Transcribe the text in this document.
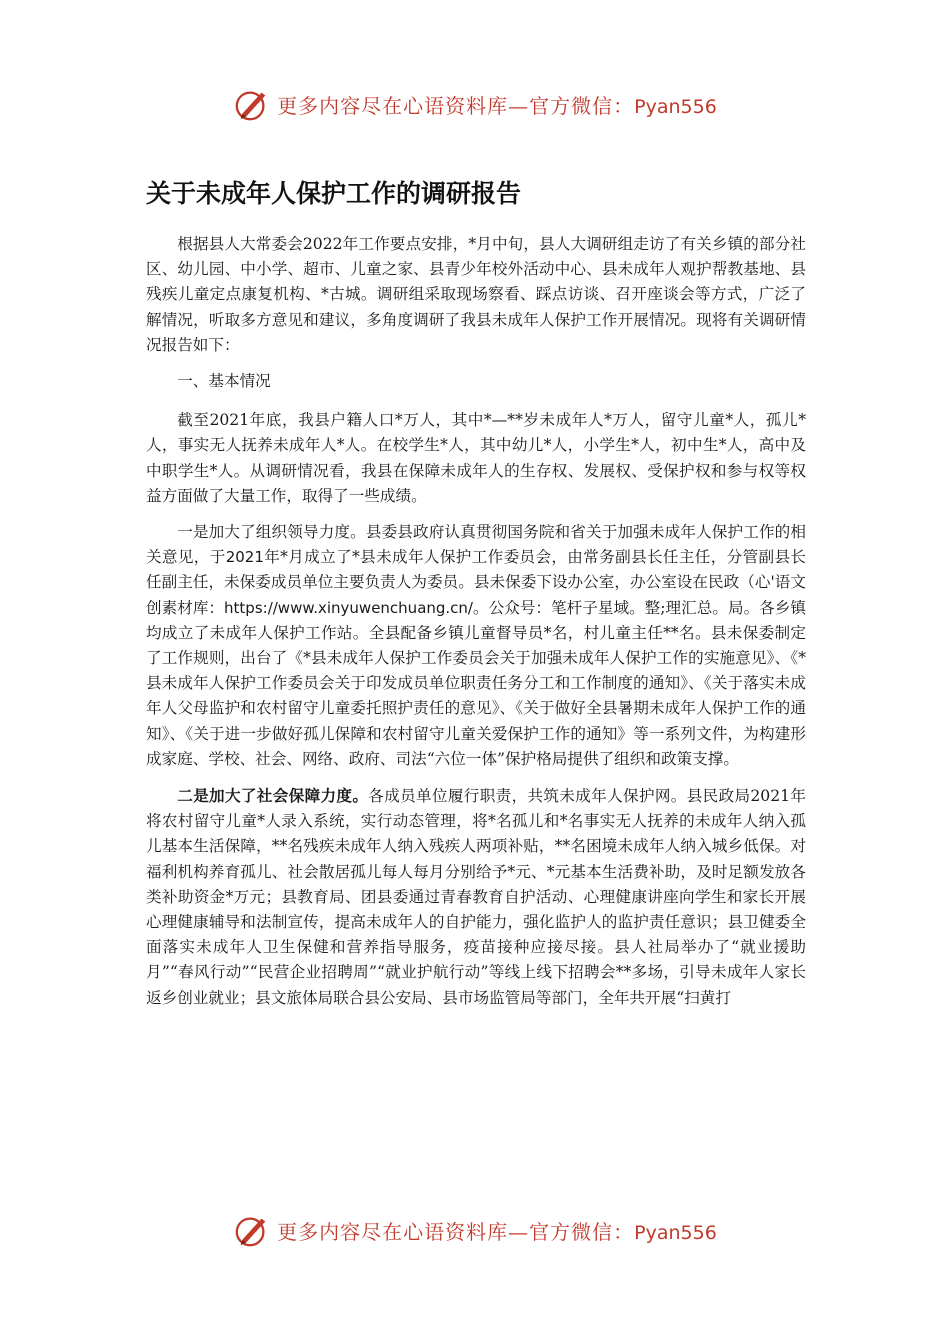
更多内容尽在心语资料库—官方微信：Pyan556
关于未成年人保护工作的调研报告

根据县人大常委会2022年工作要点安排，*月中旬，县人大调研组走访了有关乡镇的部分社区、幼儿园、中小学、超市、儿童之家、县青少年校外活动中心、县未成年人观护帮教基地、县残疾儿童定点康复机构、*古城。调研组采取现场察看、踩点访谈、召开座谈会等方式，广泛了解情况，听取多方意见和建议，多角度调研了我县未成年人保护工作开展情况。现将有关调研情况报告如下：

一、基本情况

截至2021年底，我县户籍人口*万人，其中*—**岁未成年人*万人，留守儿童*人，孤儿*人，事实无人抚养未成年人*人。在校学生*人，其中幼儿*人，小学生*人，初中生*人，高中及中职学生*人。从调研情况看，我县在保障未成年人的生存权、发展权、受保护权和参与权等权益方面做了大量工作，取得了一些成绩。

一是加大了组织领导力度。县委县政府认真贯彻国务院和省关于加强未成年人保护工作的相关意见，于2021年*月成立了*县未成年人保护工作委员会，由常务副县长任主任，分管副县长任副主任，未保委成员单位主要负责人为委员。县未保委下设办公室，办公室设在民政（心'语文创素材库：https://www.xinyuwenchuang.cn/。公众号：笔杆子星域。整;理汇总。局。各乡镇均成立了未成年人保护工作站。全县配备乡镇儿童督导员*名，村儿童主任**名。县未保委制定了工作规则，出台了《*县未成年人保护工作委员会关于加强未成年人保护工作的实施意见》、《*县未成年人保护工作委员会关于印发成员单位职责任务分工和工作制度的通知》、《关于落实未成年人父母监护和农村留守儿童委托照护责任的意见》、《关于做好全县暑期未成年人保护工作的通知》、《关于进一步做好孤儿保障和农村留守儿童关爱保护工作的通知》等一系列文件，为构建形成家庭、学校、社会、网络、政府、司法“六位一体”保护格局提供了组织和政策支撑。

二是加大了社会保障力度。各成员单位履行职责，共筑未成年人保护网。县民政局2021年将农村留守儿童*人录入系统，实行动态管理，将*名孤儿和*名事实无人抚养的未成年人纳入孤儿基本生活保障，**名残疾未成年人纳入残疾人两项补贴，**名困境未成年人纳入城乡低保。对福利机构养育孤儿、社会散居孤儿每人每月分别给予*元、*元基本生活费补助，及时足额发放各类补助资金*万元；县教育局、团县委通过青春教育自护活动、心理健康讲座向学生和家长开展心理健康辅导和法制宣传，提高未成年人的自护能力，强化监护人的监护责任意识；县卫健委全面落实未成年人卫生保健和营养指导服务，疫苗接种应接尽接。县人社局举办了“就业援助月”“春风行动”“民营企业招聘周”“就业护航行动”等线上线下招聘会**多场，引导未成年人家长返乡创业就业；县文旅体局联合县公安局、县市场监管局等部门，全年共开展“扫黄打

更多内容尽在心语资料库—官方微信：Pyan556
